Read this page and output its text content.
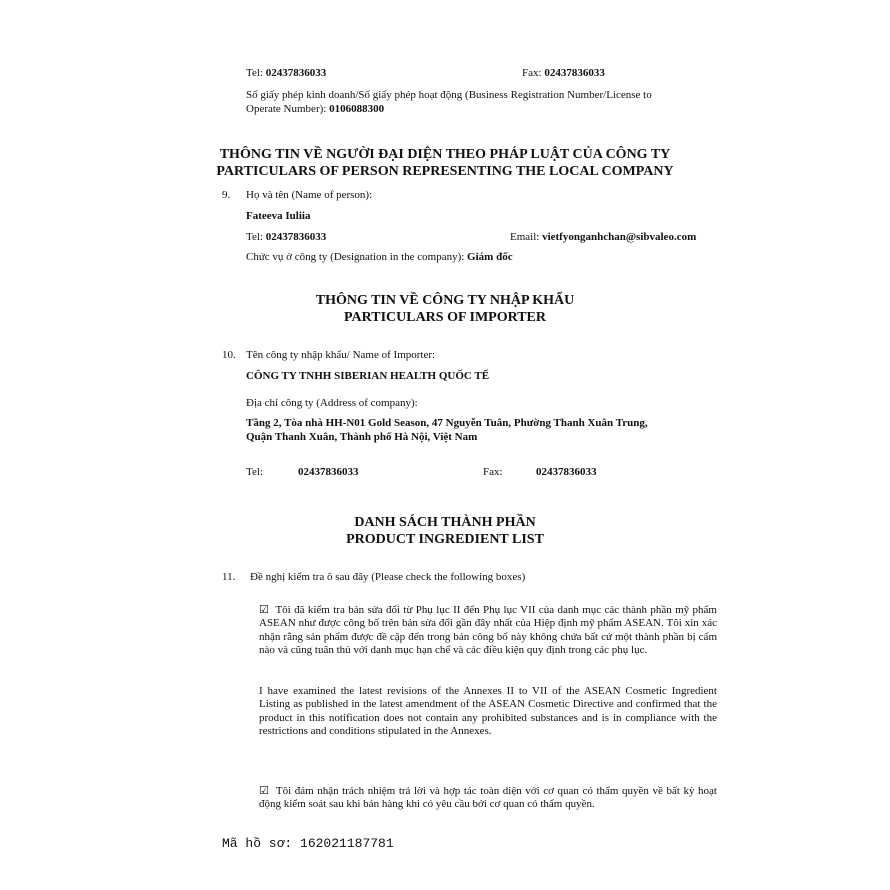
Tel: 02437836033	Fax: 02437836033
Số giấy phép kinh doanh/Số giấy phép hoạt động (Business Registration Number/License to
Operate Number): 0106088300
THÔNG TIN VỀ NGƯỜI ĐẠI DIỆN THEO PHÁP LUẬT CỦA CÔNG TY
PARTICULARS OF PERSON REPRESENTING THE LOCAL COMPANY
9. Họ và tên (Name of person):
Fateeva Iuliia
Tel: 02437836033	Email: vietfyonganhchan@sibvaleo.com
Chức vụ ở công ty (Designation in the company): Giám đốc
THÔNG TIN VỀ CÔNG TY NHẬP KHẨU
PARTICULARS OF IMPORTER
10. Tên công ty nhập khẩu/ Name of Importer:
CÔNG TY TNHH SIBERIAN HEALTH QUỐC TẾ
Địa chỉ công ty (Address of company):
Tầng 2, Tòa nhà HH-N01 Gold Season, 47 Nguyễn Tuân, Phường Thanh Xuân Trung,
Quận Thanh Xuân, Thành phố Hà Nội, Việt Nam
Tel:	02437836033	Fax:	02437836033
DANH SÁCH THÀNH PHẦN
PRODUCT INGREDIENT LIST
11. Đề nghị kiểm tra ô sau đây (Please check the following boxes)
☑ Tôi đã kiểm tra bản sửa đổi từ Phụ lục II đến Phụ lục VII của danh mục các thành phần mỹ phẩm ASEAN như được công bố trên bản sửa đổi gần đây nhất của Hiệp định mỹ phẩm ASEAN. Tôi xin xác nhận rằng sản phẩm được đề cập đến trong bản công bố này không chứa bất cứ một thành phần bị cấm nào và cũng tuân thủ với danh mục hạn chế và các điều kiện quy định trong các phụ lục.
I have examined the latest revisions of the Annexes II to VII of the ASEAN Cosmetic Ingredient Listing as published in the latest amendment of the ASEAN Cosmetic Directive and confirmed that the product in this notification does not contain any prohibited substances and is in compliance with the restrictions and conditions stipulated in the Annexes.
☑ Tôi đảm nhận trách nhiệm trả lời và hợp tác toàn diện với cơ quan có thẩm quyền về bất kỳ hoạt động kiểm soát sau khi bán hàng khi có yêu cầu bởi cơ quan có thẩm quyền.
Mã hồ sơ: 162021187781
